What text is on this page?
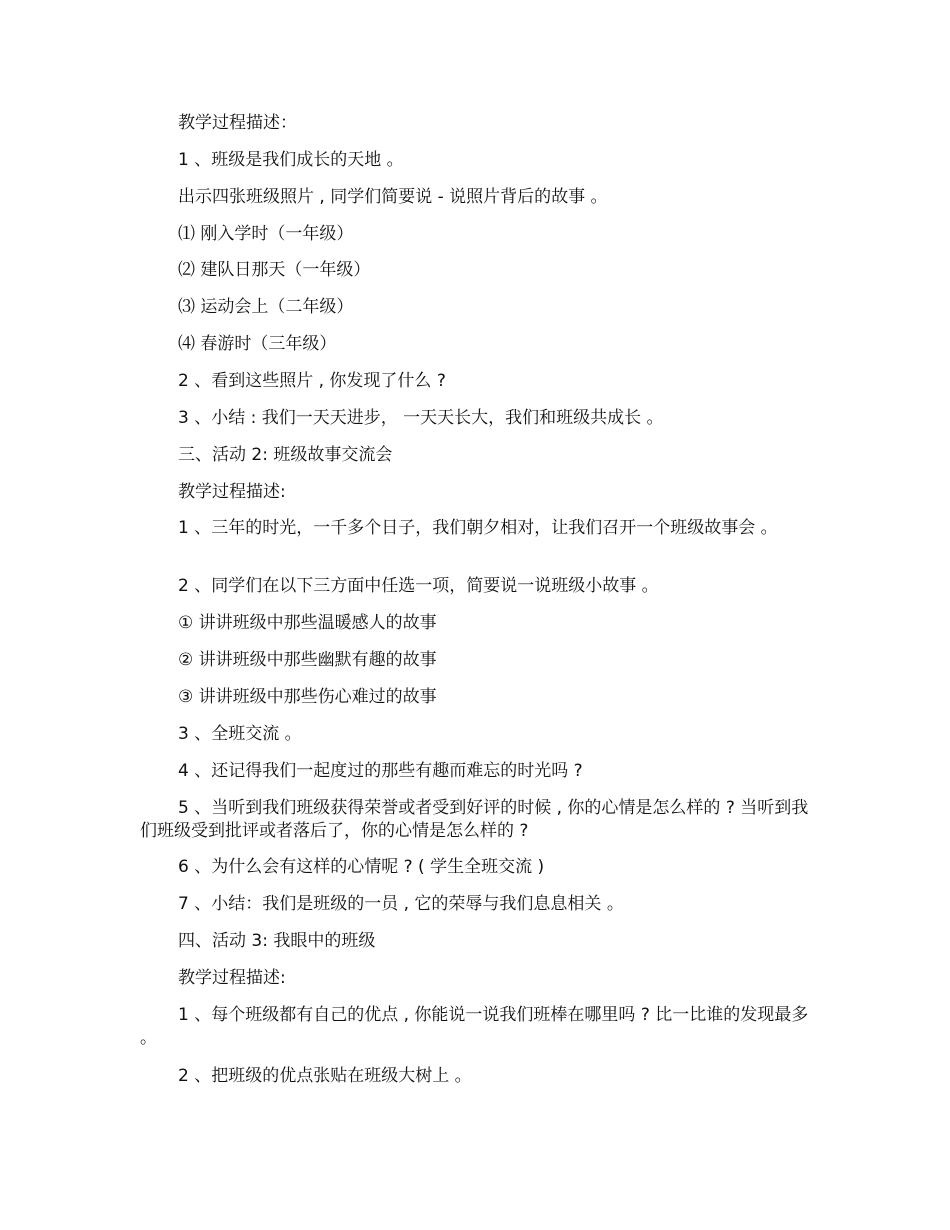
教学过程描述：

1 、班级是我们成长的天地 。

出示四张班级照片 , 同学们简要说 - 说照片背后的故事 。

⑴ 刚入学时（一年级）

⑵ 建队日那天（一年级）

⑶ 运动会上（二年级）

⑷ 春游时（三年级）

2 、看到这些照片 , 你发现了什么 ?

3 、小结 : 我们一天天进步， 一天天长大，我们和班级共成长 。

三、活动 2: 班级故事交流会

教学过程描述:

1 、三年的时光，一千多个日子，我们朝夕相对，让我们召开一个班级故事会 。

2 、同学们在以下三方面中任选一项，简要说一说班级小故事 。

① 讲讲班级中那些温暖感人的故事

② 讲讲班级中那些幽默有趣的故事

③ 讲讲班级中那些伤心难过的故事

3 、全班交流 。

4 、还记得我们一起度过的那些有趣而难忘的时光吗 ?

5 、当听到我们班级获得荣誉或者受到好评的时候 , 你的心情是怎么样的 ? 当听到我们班级受到批评或者落后了，你的心情是怎么样的 ?

6 、为什么会有这样的心情呢 ? ( 学生全班交流 )

7 、小结：我们是班级的一员 , 它的荣辱与我们息息相关 。

四、活动 3: 我眼中的班级

教学过程描述:

1 、每个班级都有自己的优点 , 你能说一说我们班棒在哪里吗 ? 比一比谁的发现最多 。

2 、把班级的优点张贴在班级大树上 。
